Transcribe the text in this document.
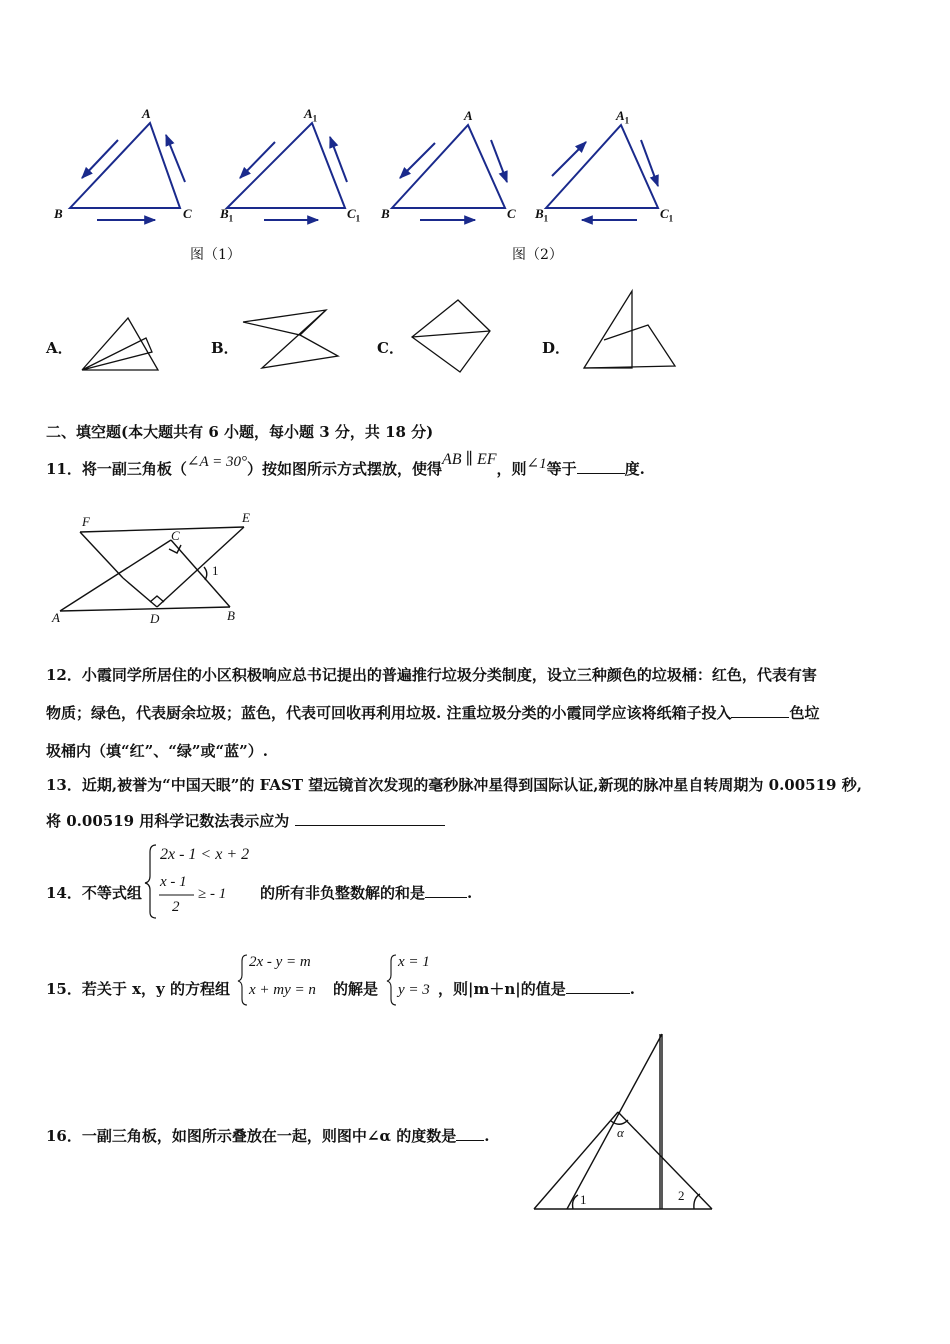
A
B	C
$A_1$
$B_1$	$C_1$
A
B	C
$A_1$
$B_1$	$C_1$
图（1）	图（2）
A．	B．	C．	D．
二、填空题(本大题共有 6 小题，每小题 3 分，共 18 分)
11．将一副三角板（∠A = 30°）按如图所示方式摆放，使得AB ∥ EF，则∠1等于	度.
F	E
C
A	D	B
1
12．小霞同学所居住的小区积极响应总书记提出的普遍推行垃圾分类制度，设立三种颜色的垃圾桶：红色，代表有害
物质；绿色，代表厨余垃圾；蓝色，代表可回收再利用垃圾. 注重垃圾分类的小霞同学应该将纸箱子投入	色垃
圾桶内（填“红”、“绿”或“蓝”）.
13．近期,被誉为“中国天眼”的 FAST 望远镜首次发现的毫秒脉冲星得到国际认证,新现的脉冲星自转周期为 0.00519 秒,
将 0.00519 用科学记数法表示应为
14．不等式组
2x - 1 < x + 2
x - 1
2
≥ - 1 的所有非负整数解的和是	.
15．若关于 x，y 的方程组
2x - y = m
x + my = n 的解是
x = 1
y = 3 ，则|m＋n|的值是	.
16．一副三角板，如图所示叠放在一起，则图中∠α 的度数是 .	α
1	2
